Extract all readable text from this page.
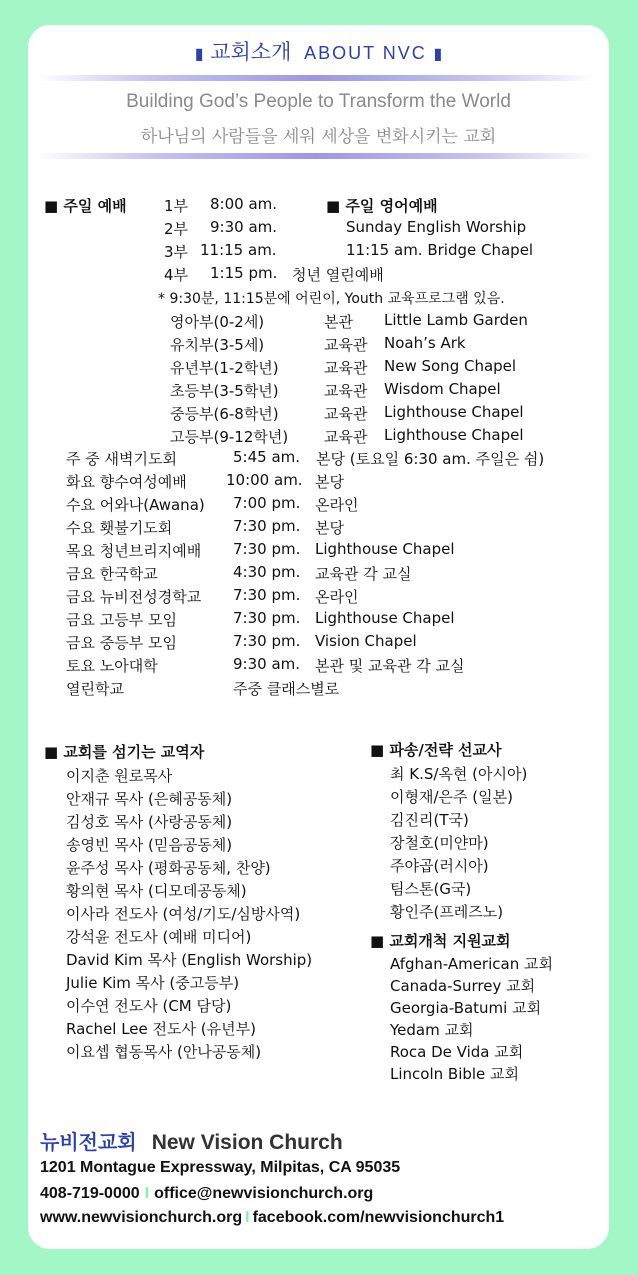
▮ 교회소개 ABOUT NVC ▮
Building God’s People to Transform the World
하나님의 사람들을 세워 세상을 변화시키는 교회
■ 주일 예배 1부 8:00 am.
2부 9:30 am.
3부 11:15 am.
4부 1:15 pm. 청년 열린예배
■ 주일 영어예배
Sunday English Worship
11:15 am. Bridge Chapel
* 9:30분, 11:15분에 어린이, Youth 교육프로그램 있음.
영아부(0-2세)	본관 Little Lamb Garden
유치부(3-5세)	교육관 Noah’s Ark
유년부(1-2학년)	교육관 New Song Chapel
초등부(3-5학년)	교육관 Wisdom Chapel
중등부(6-8학년)	교육관 Lighthouse Chapel
고등부(9-12학년) 교육관 Lighthouse Chapel
주 중 새벽기도회	5:45 am. 본당 (토요일 6:30 am. 주일은 쉼)
화요 향수여성예배	10:00 am. 본당
수요 어와나(Awana) 7:00 pm. 온라인
수요 횃불기도회	7:30 pm. 본당
목요 청년브리지예배 7:30 pm. Lighthouse Chapel
금요 한국학교	4:30 pm. 교육관 각 교실
금요 뉴비전성경학교 7:30 pm. 온라인
금요 고등부 모임	7:30 pm. Lighthouse Chapel
금요 중등부 모임	7:30 pm. Vision Chapel
토요 노아대학	9:30 am. 본관 및 교육관 각 교실
열린학교	주중 클래스별로
■ 교회를 섬기는 교역자
이지춘 원로목사
안재규 목사 (은혜공동체)
김성호 목사 (사랑공동체)
송영빈 목사 (믿음공동체)
윤주성 목사 (평화공동체, 찬양)
황의현 목사 (디모데공동체)
이사라 전도사 (여성/기도/심방사역)
강석윤 전도사 (예배 미디어)
David Kim 목사 (English Worship)
Julie Kim 목사 (중고등부)
이수연 전도사 (CM 담당)
Rachel Lee 전도사 (유년부)
이요셉 협동목사 (안나공동체)
■ 파송/전략 선교사
최 K.S/옥현 (아시아)
이형재/은주 (일본)
김진리(T국)
장철호(미얀마)
주야곱(러시아)
팀스톤(G국)
황인주(프레즈노)
■ 교회개척 지원교회
Afghan-American 교회
Canada-Surrey 교회
Georgia-Batumi 교회
Yedam 교회
Roca De Vida 교회
Lincoln Bible 교회
뉴비전교회 New Vision Church
1201 Montague Expressway, Milpitas, CA 95035
408-719-0000 I office@newvisionchurch.org
www.newvisionchurch.org I facebook.com/newvisionchurch1
